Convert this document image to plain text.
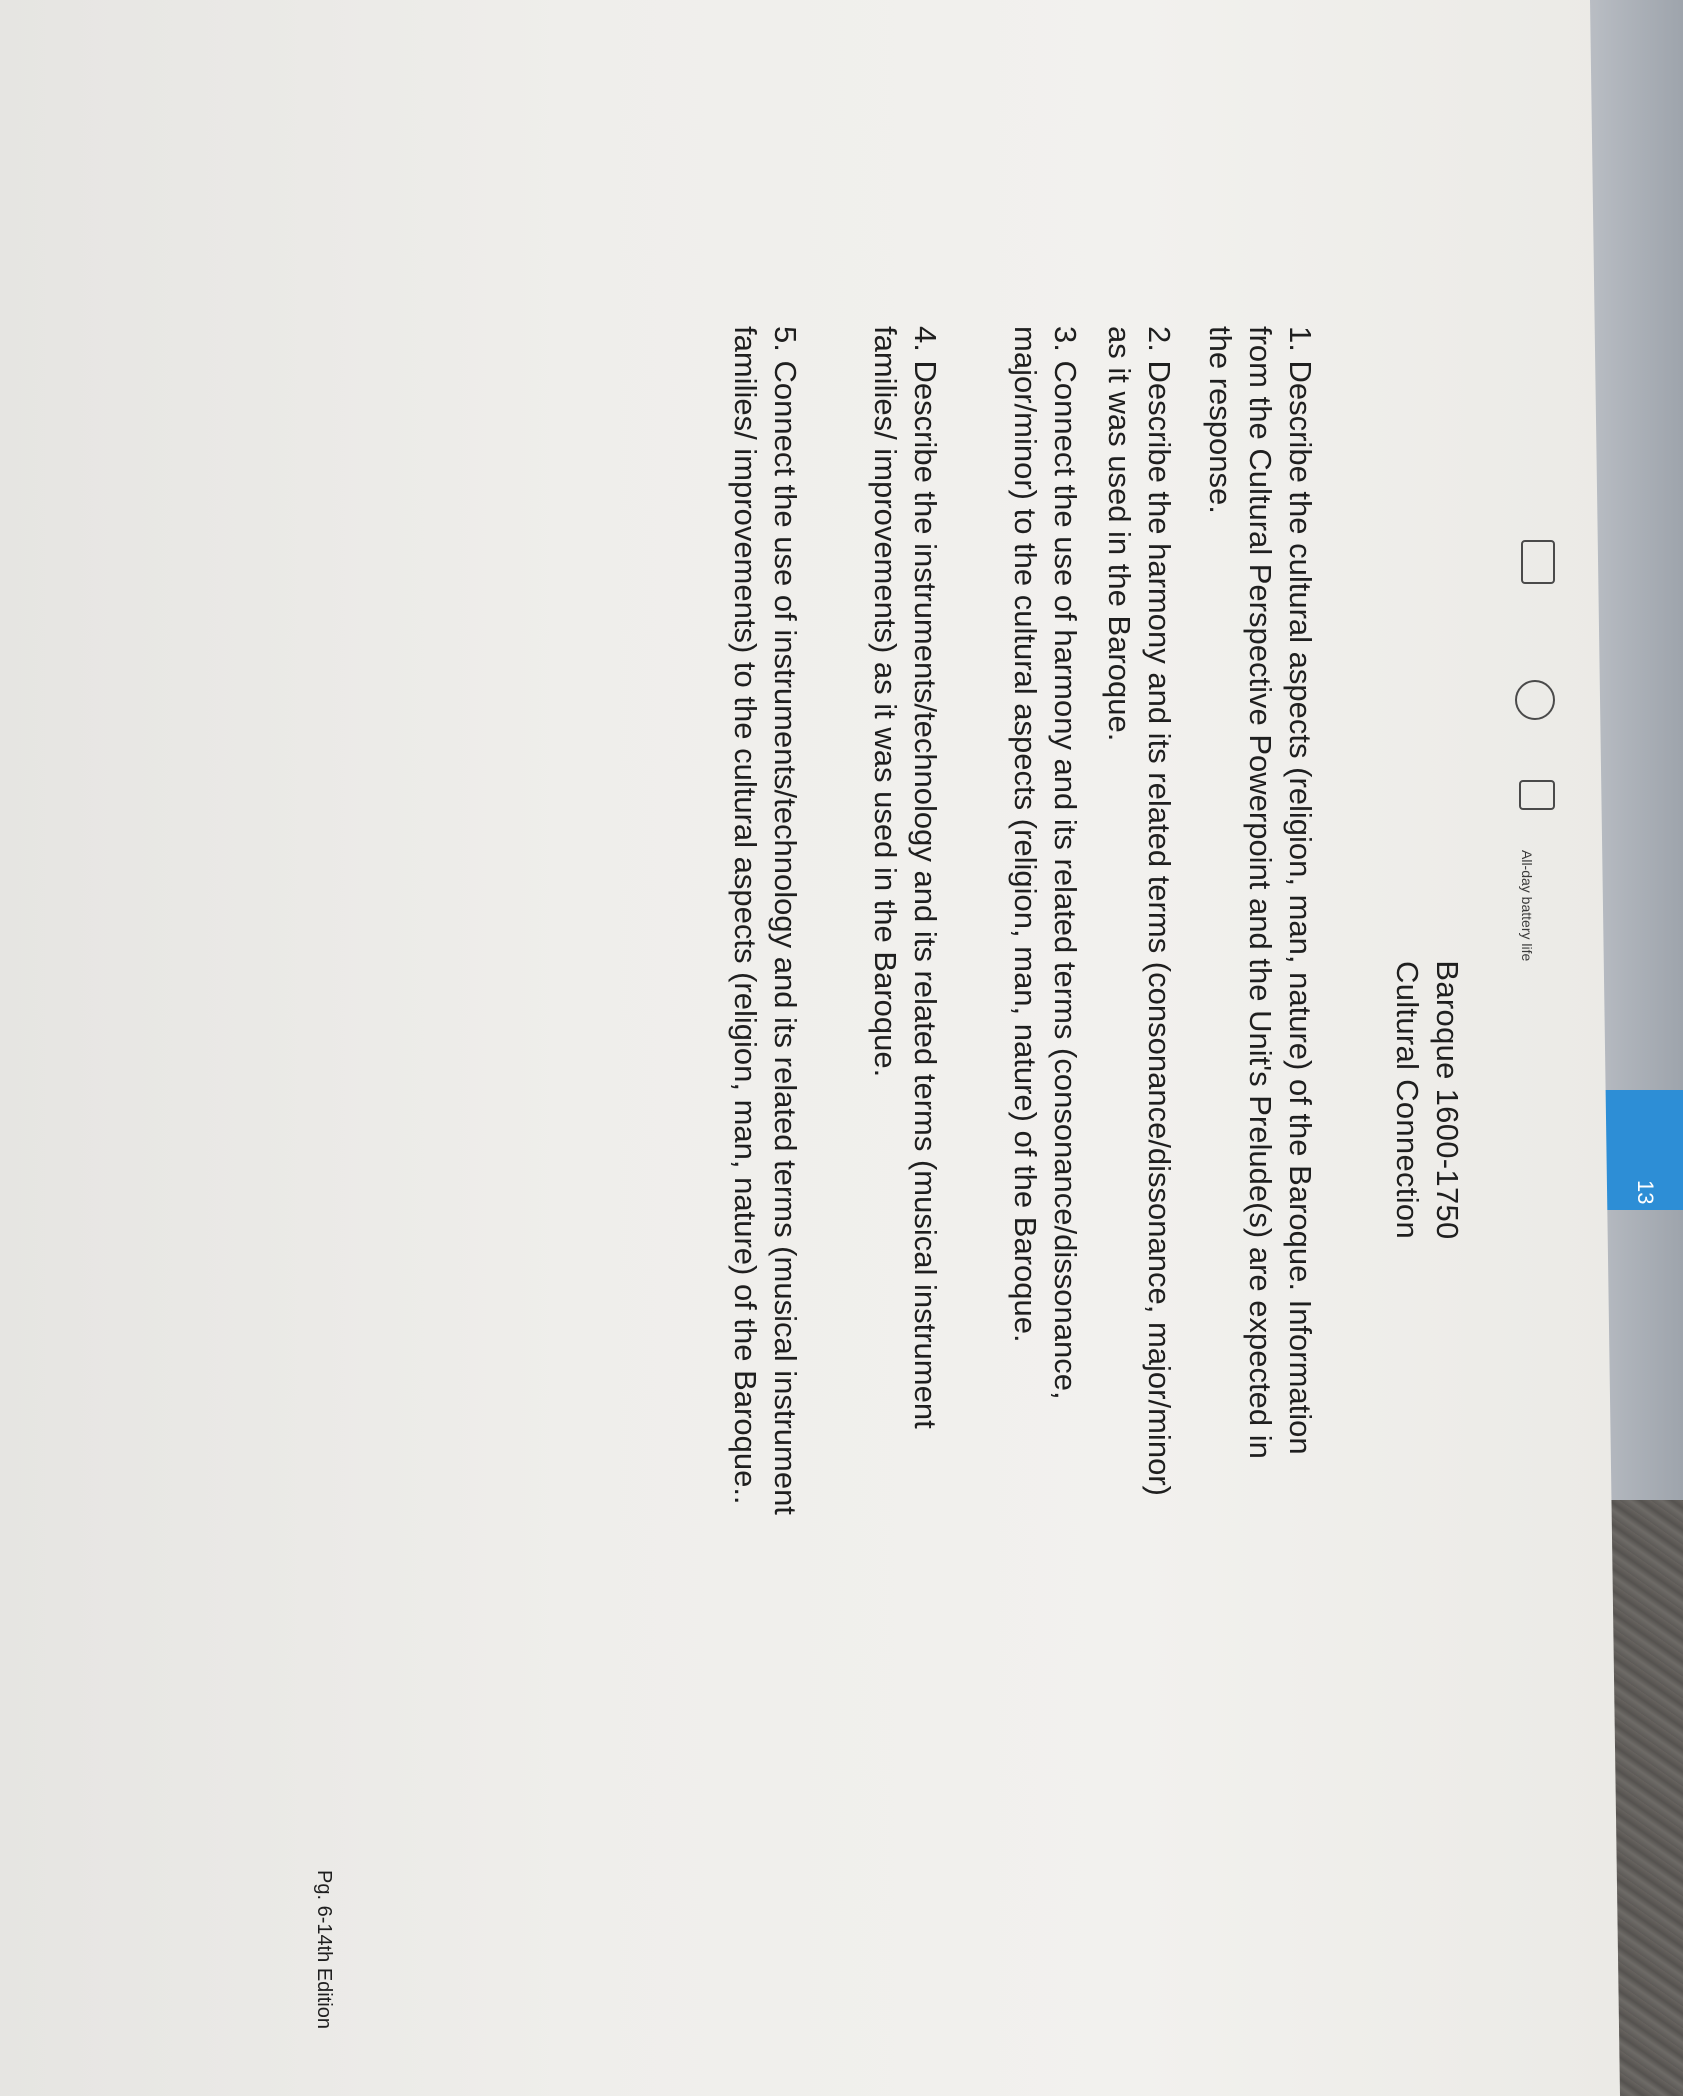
13
All-day battery life
Baroque 1600-1750
Cultural Connection
1. Describe the cultural aspects (religion, man, nature) of the Baroque. Information from the Cultural Perspective Powerpoint and the Unit's Prelude(s) are expected in the response.
2. Describe the harmony and its related terms (consonance/dissonance, major/minor) as it was used in the Baroque.
3. Connect the use of harmony and its related terms (consonance/dissonance, major/minor) to the cultural aspects (religion, man, nature) of the Baroque.
4. Describe the instruments/technology and its related terms (musical instrument families/ improvements) as it was used in the Baroque.
5. Connect the use of instruments/technology and its related terms (musical instrument families/ improvements) to the cultural aspects (religion, man, nature) of the Baroque..
Pg. 6-14th Edition
